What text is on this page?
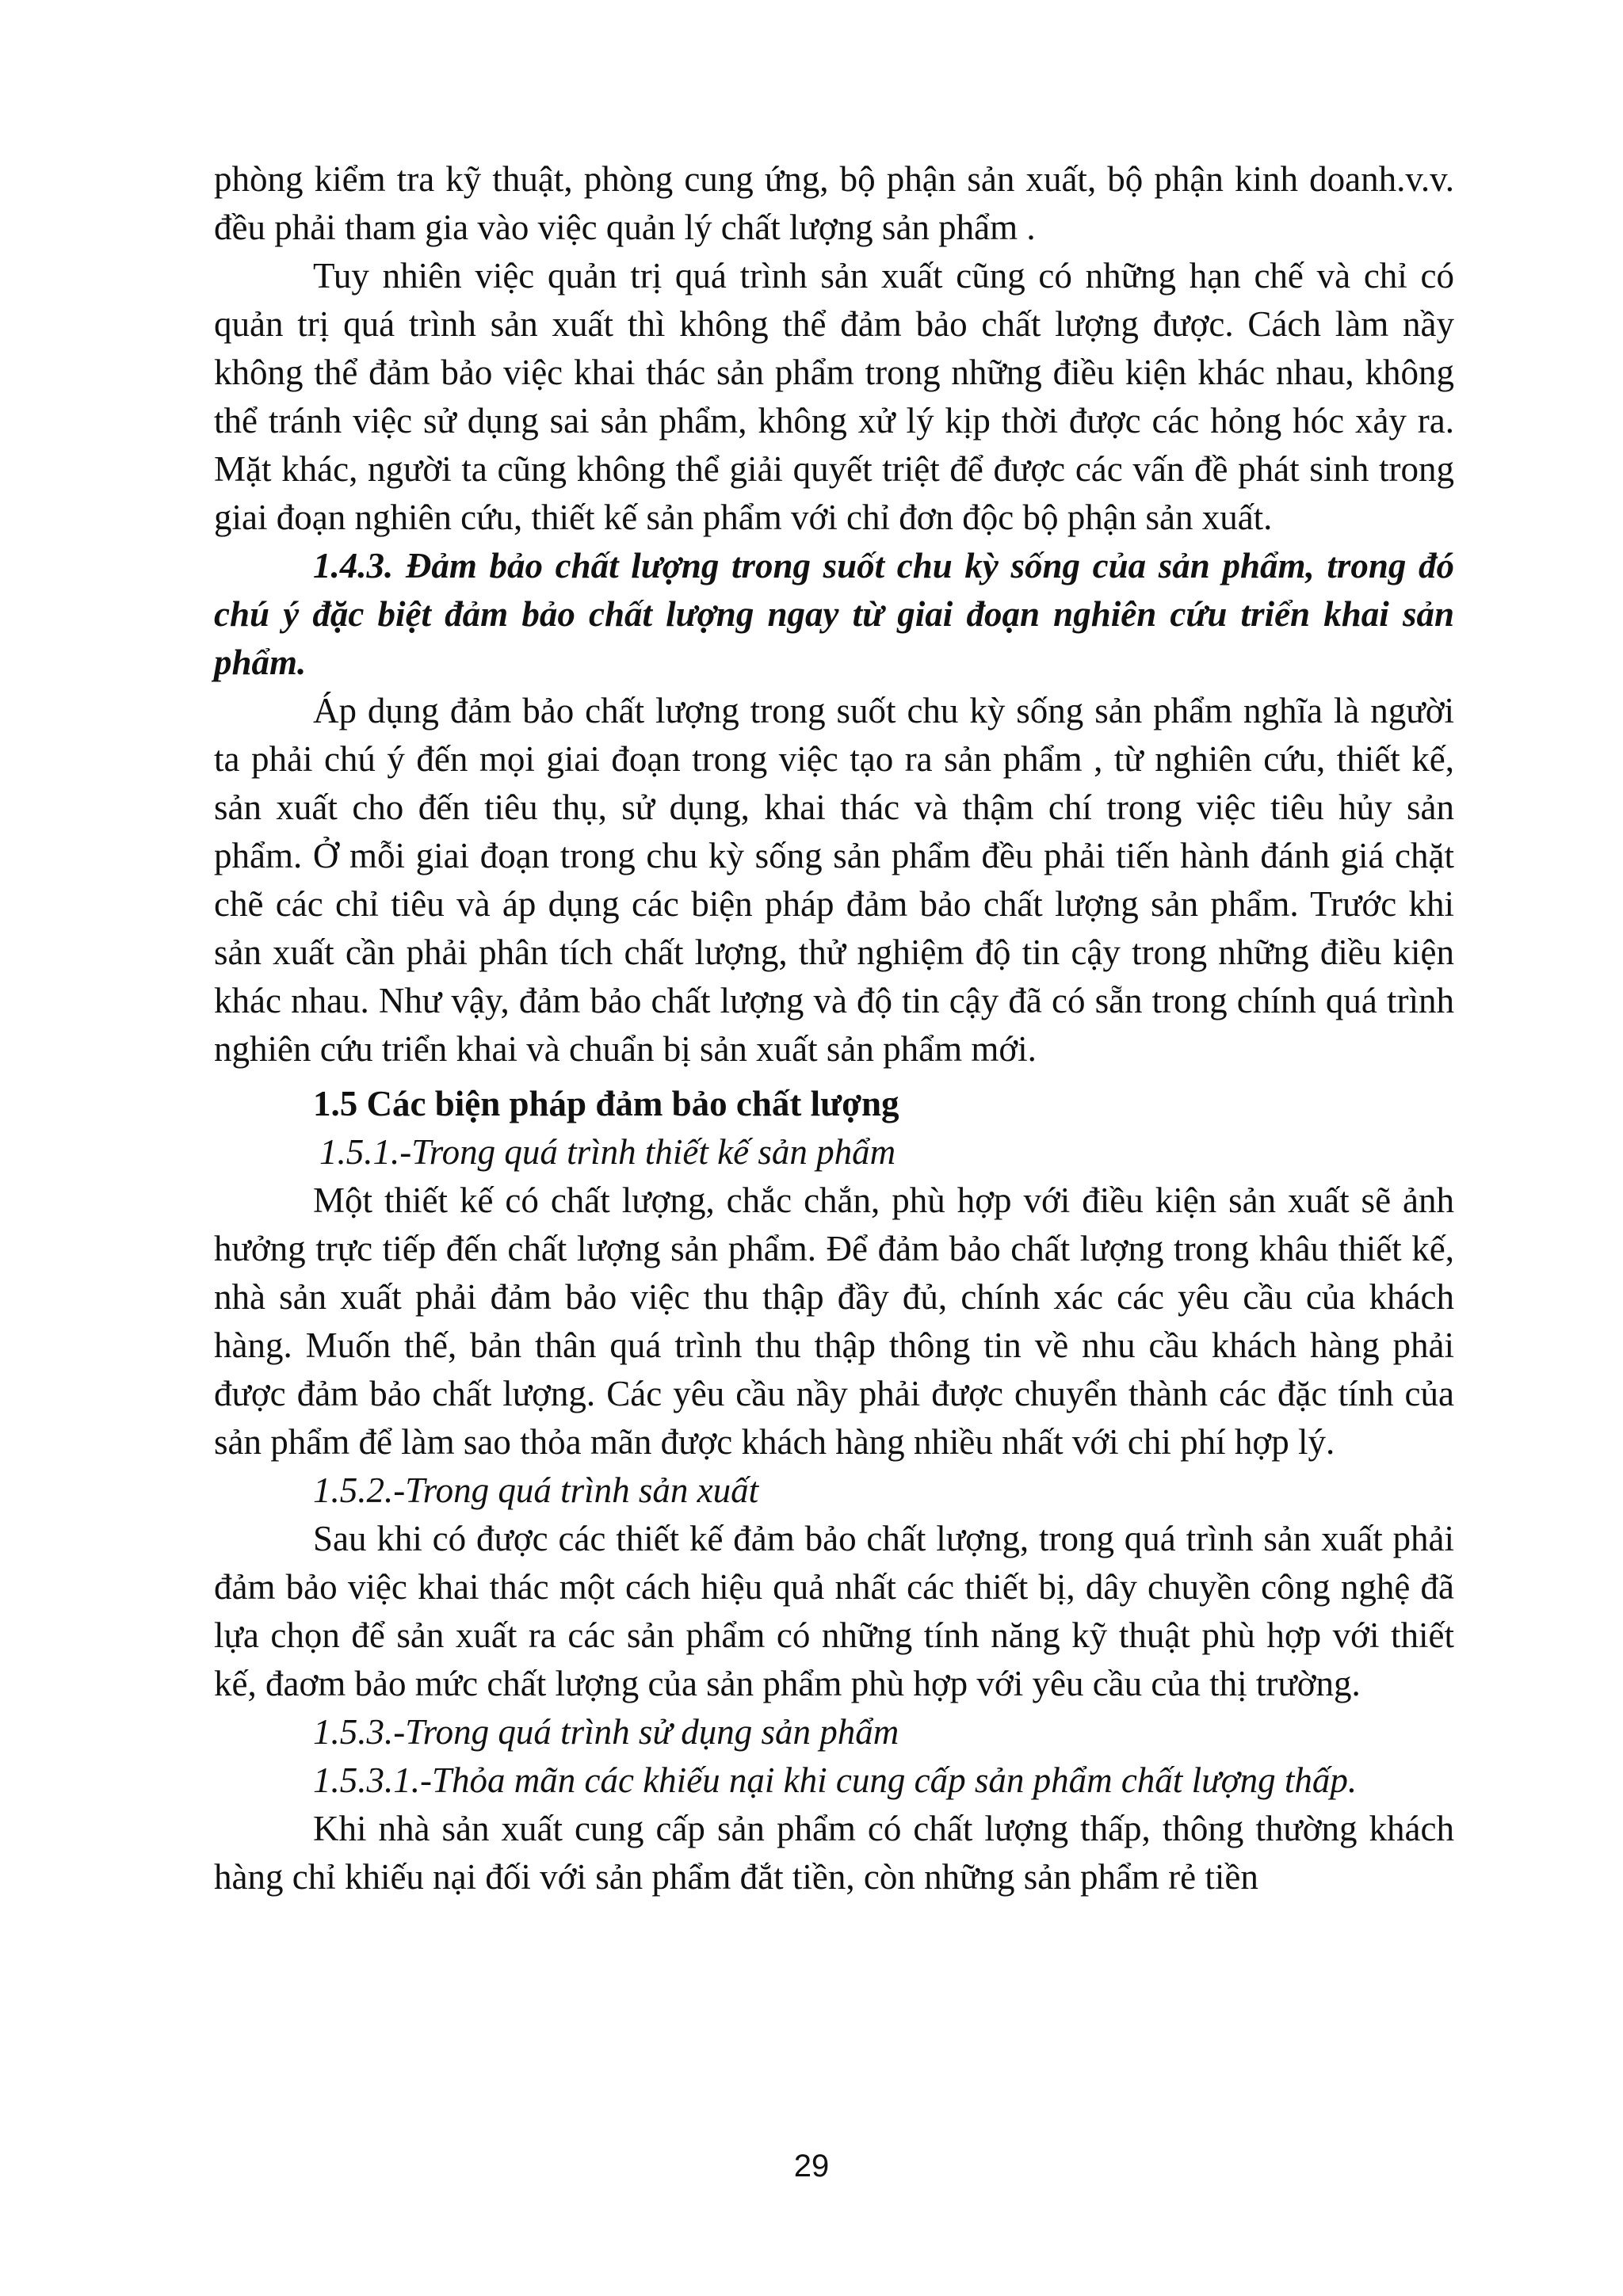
phòng kiểm tra kỹ thuật, phòng cung ứng, bộ phận sản xuất, bộ phận kinh doanh.v.v. đều phải tham gia vào việc quản lý chất lượng sản phẩm .

Tuy nhiên việc quản trị quá trình sản xuất cũng có những hạn chế và chỉ có quản trị quá trình sản xuất thì không thể đảm bảo chất lượng được. Cách làm nầy không thể đảm bảo việc khai thác sản phẩm trong những điều kiện khác nhau, không thể tránh việc sử dụng sai sản phẩm, không xử lý kịp thời được các hỏng hóc xảy ra. Mặt khác, người ta cũng không thể giải quyết triệt để được các vấn đề phát sinh trong giai đoạn nghiên cứu, thiết kế sản phẩm với chỉ đơn độc bộ phận sản xuất.

1.4.3. Đảm bảo chất lượng trong suốt chu kỳ sống của sản phẩm, trong đó chú ý đặc biệt đảm bảo chất lượng ngay từ giai đoạn nghiên cứu triển khai sản phẩm.

Áp dụng đảm bảo chất lượng trong suốt chu kỳ sống sản phẩm nghĩa là người ta phải chú ý đến mọi giai đoạn trong việc tạo ra sản phẩm , từ nghiên cứu, thiết kế, sản xuất cho đến tiêu thụ, sử dụng, khai thác và thậm chí trong việc tiêu hủy sản phẩm. Ở mỗi giai đoạn trong chu kỳ sống sản phẩm đều phải tiến hành đánh giá chặt chẽ các chỉ tiêu và áp dụng các biện pháp đảm bảo chất lượng sản phẩm. Trước khi sản xuất cần phải phân tích chất lượng, thử nghiệm độ tin cậy trong những điều kiện khác nhau. Như vậy, đảm bảo chất lượng và độ tin cậy đã có sẵn trong chính quá trình nghiên cứu triển khai và chuẩn bị sản xuất sản phẩm mới.

1.5 Các biện pháp đảm bảo chất lượng

1.5.1.-Trong quá trình thiết kế sản phẩm

Một thiết kế có chất lượng, chắc chắn, phù hợp với điều kiện sản xuất sẽ ảnh hưởng trực tiếp đến chất lượng sản phẩm. Để đảm bảo chất lượng trong khâu thiết kế, nhà sản xuất phải đảm bảo việc thu thập đầy đủ, chính xác các yêu cầu của khách hàng. Muốn thế, bản thân quá trình thu thập thông tin về nhu cầu khách hàng phải được đảm bảo chất lượng. Các yêu cầu nầy phải được chuyển thành các đặc tính của sản phẩm để làm sao thỏa mãn được khách hàng nhiều nhất với chi phí hợp lý.

1.5.2.-Trong quá trình sản xuất

Sau khi có được các thiết kế đảm bảo chất lượng, trong quá trình sản xuất phải đảm bảo việc khai thác một cách hiệu quả nhất các thiết bị, dây chuyền công nghệ đã lựa chọn để sản xuất ra các sản phẩm có những tính năng kỹ thuật phù hợp với thiết kế, đaơm bảo mức chất lượng của sản phẩm phù hợp với yêu cầu của thị trường.

1.5.3.-Trong quá trình sử dụng sản phẩm

1.5.3.1.-Thỏa mãn các khiếu nại khi cung cấp sản phẩm chất lượng thấp.

Khi nhà sản xuất cung cấp sản phẩm có chất lượng thấp, thông thường khách hàng chỉ khiếu nại đối với sản phẩm đắt tiền, còn những sản phẩm rẻ tiền

29
